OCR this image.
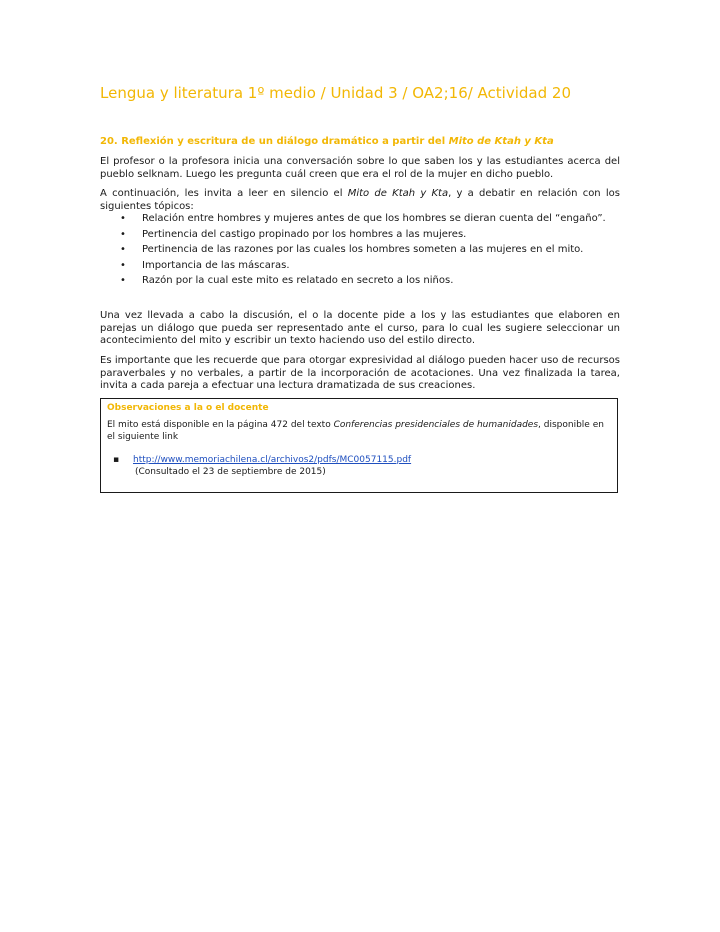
Lengua y literatura 1º medio / Unidad 3 / OA2;16/ Actividad 20
20. Reflexión y escritura de un diálogo dramático a partir del Mito de Ktah y Kta
El profesor o la profesora inicia una conversación sobre lo que saben los y las estudiantes acerca del pueblo selknam. Luego les pregunta cuál creen que era el rol de la mujer en dicho pueblo.
A continuación, les invita a leer en silencio el Mito de Ktah y Kta, y a debatir en relación con los siguientes tópicos:
• Relación entre hombres y mujeres antes de que los hombres se dieran cuenta del “engaño”.
• Pertinencia del castigo propinado por los hombres a las mujeres.
• Pertinencia de las razones por las cuales los hombres someten a las mujeres en el mito.
• Importancia de las máscaras.
• Razón por la cual este mito es relatado en secreto a los niños.
Una vez llevada a cabo la discusión, el o la docente pide a los y las estudiantes que elaboren en parejas un diálogo que pueda ser representado ante el curso, para lo cual les sugiere seleccionar un acontecimiento del mito y escribir un texto haciendo uso del estilo directo.
Es importante que les recuerde que para otorgar expresividad al diálogo pueden hacer uso de recursos paraverbales y no verbales, a partir de la incorporación de acotaciones. Una vez finalizada la tarea, invita a cada pareja a efectuar una lectura dramatizada de sus creaciones.
Observaciones a la o el docente
El mito está disponible en la página 472 del texto Conferencias presidenciales de humanidades, disponible en el siguiente link
▪ http://www.memoriachilena.cl/archivos2/pdfs/MC0057115.pdf
(Consultado el 23 de septiembre de 2015)
